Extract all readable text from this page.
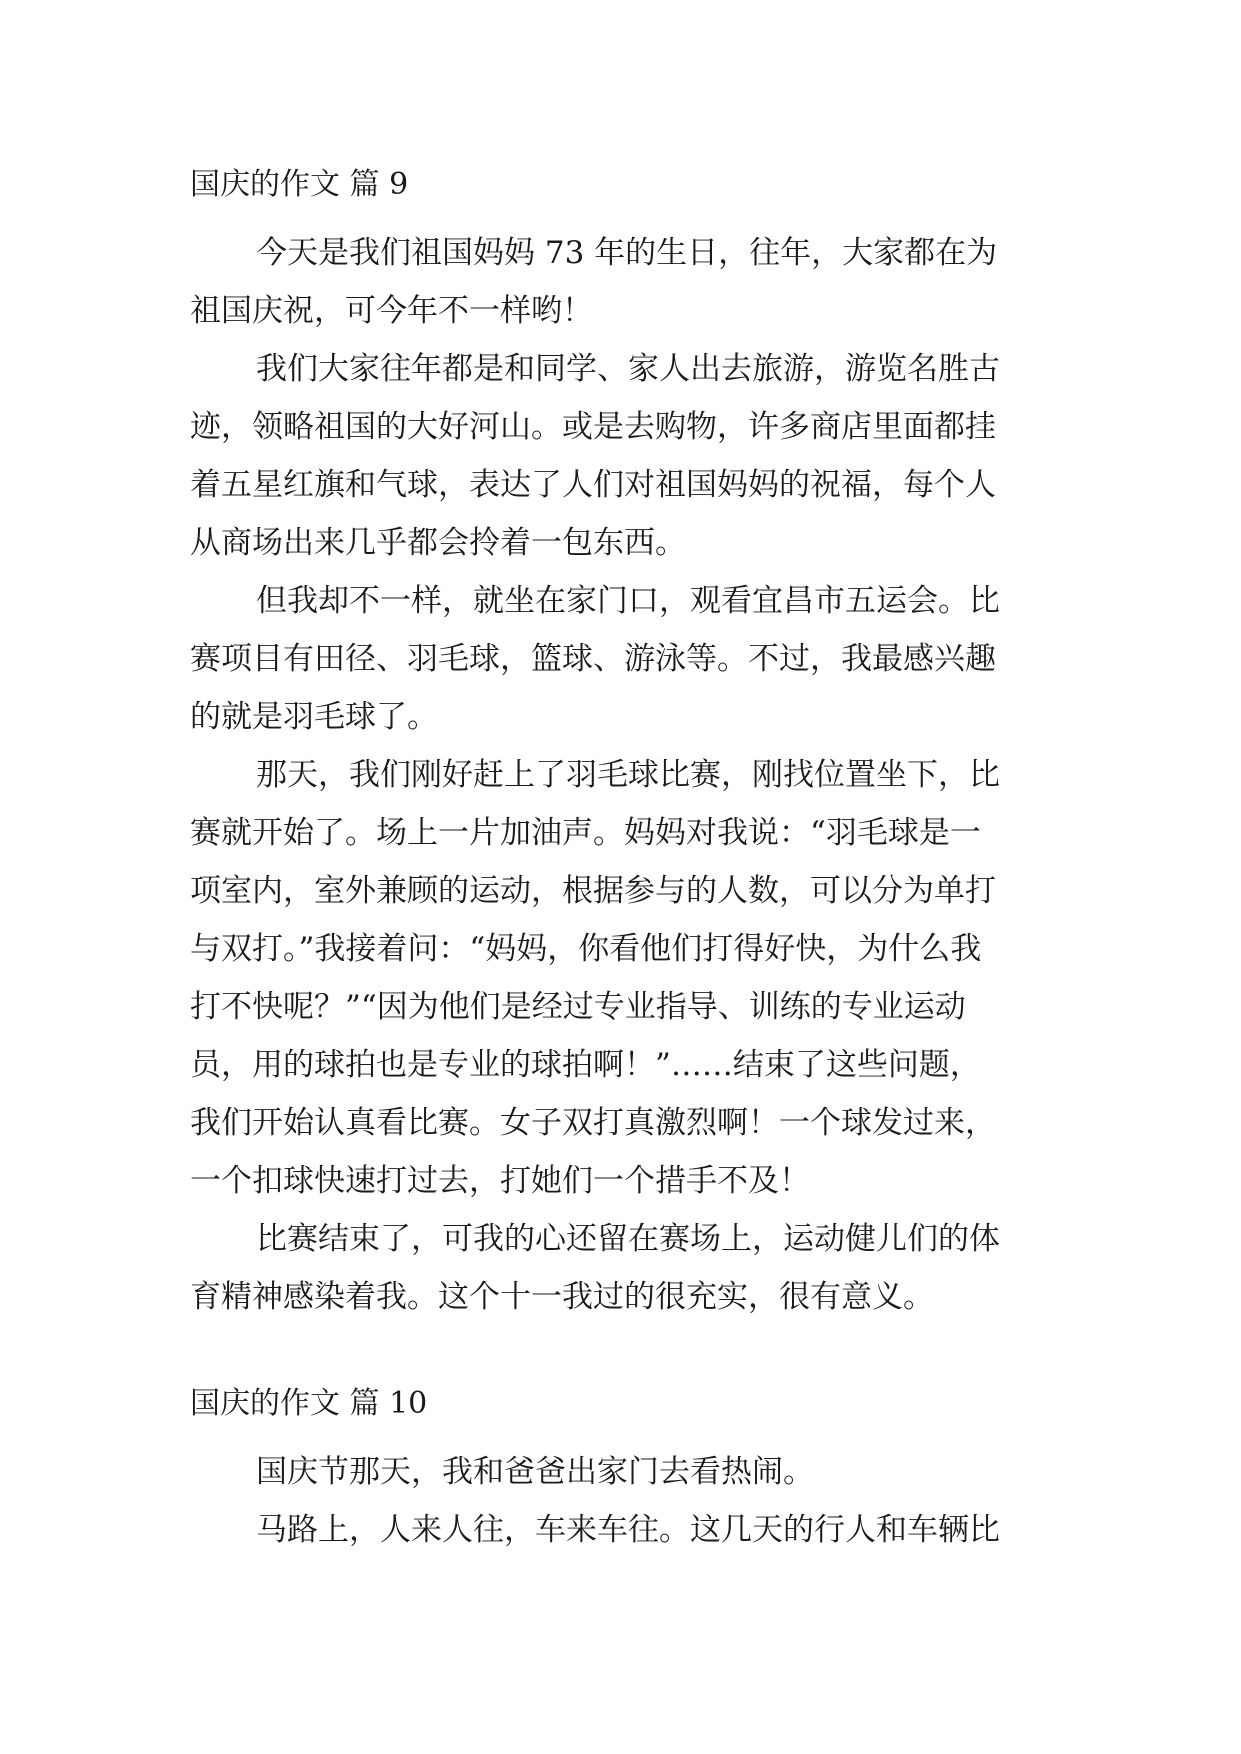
国庆的作文 篇 9
今天是我们祖国妈妈 73 年的生日，往年，大家都在为
祖国庆祝，可今年不一样哟！
我们大家往年都是和同学、家人出去旅游，游览名胜古
迹，领略祖国的大好河山。或是去购物，许多商店里面都挂
着五星红旗和气球，表达了人们对祖国妈妈的祝福，每个人
从商场出来几乎都会拎着一包东西。
但我却不一样，就坐在家门口，观看宜昌市五运会。比
赛项目有田径、羽毛球，篮球、游泳等。不过，我最感兴趣
的就是羽毛球了。
那天，我们刚好赶上了羽毛球比赛，刚找位置坐下，比
赛就开始了。场上一片加油声。妈妈对我说：“羽毛球是一
项室内，室外兼顾的运动，根据参与的人数，可以分为单打
与双打。”我接着问：“妈妈，你看他们打得好快，为什么我
打不快呢？”“因为他们是经过专业指导、训练的专业运动
员，用的球拍也是专业的球拍啊！”……结束了这些问题，
我们开始认真看比赛。女子双打真激烈啊！一个球发过来，
一个扣球快速打过去，打她们一个措手不及！
比赛结束了，可我的心还留在赛场上，运动健儿们的体
育精神感染着我。这个十一我过的很充实，很有意义。
国庆的作文 篇 10
国庆节那天，我和爸爸出家门去看热闹。
马路上，人来人往，车来车往。这几天的行人和车辆比
